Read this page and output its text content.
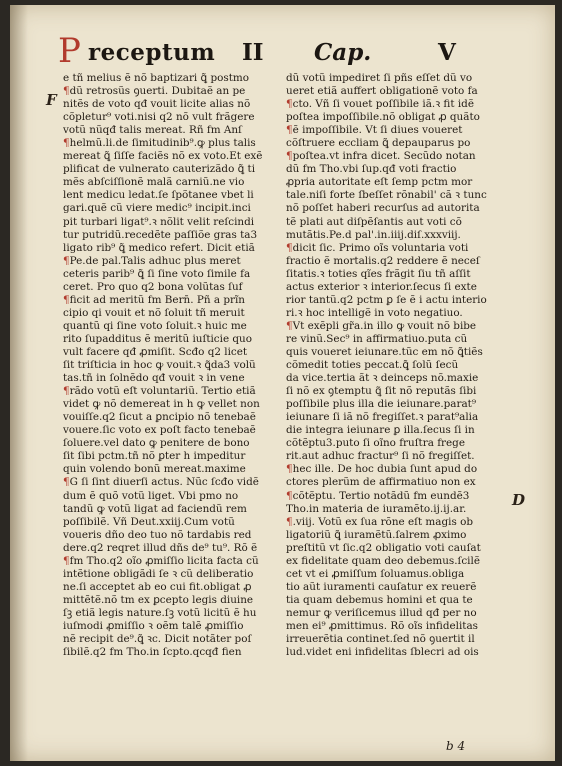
P receptum II Cap.	V
F
D
e tñ melius ẽ nõ baptizari ꝗ̃ postmo
¶dũ retrosũs ꝯuerti. Dubitaẽ an pe
nitẽs de voto qđ vouit licite alias nõ
cõpletur⁹ voti.nisi q2 nõ vult frãgere
votũ nũqđ talis mereat. Rñ fm Anſ
¶helmũ.li.de ſimitudinib⁹.ꝙ plus talis
mereat ꝗ̃ ſiſſe faciẽs nõ ex voto.Et exẽ
plificat de vulnerato cauterizãdo ꝗ̃ ti
mẽs abſciſſionẽ malã carniũ.ne vio
lent medicu ledat.ſe ſpõtanee vbet li
gari.quẽ cũ viere medic⁹ incipit.inci
pit turbari ligat⁹.ꝛ nõlit velit reſcindi
tur putridũ.recedẽte paſſiõe gras ta3
ligato rib⁹ ꝗ̃ medico refert. Dicit etiã
¶Pe.de pal.Talis adhuc plus meret
ceteris parib⁹ ꝗ̃ ſi ſine voto ſimile fa
ceret. Pro quo q2 bona volũtas ſuf
¶ficit ad meritũ fm Bern̄. Pñ a prĩn
cipio qi vouit et nõ ſoluit tñ meruit
quantũ qi ſine voto ſoluit.ꝛ huic me
rito ſupadditus ẽ meritũ iuſticie quo
vult facere qđ ꝓmiſit. Scđo q2 licet
ſit triſticia in hoc ꝙ vouit.ꝛ ꝗ̃da3 volũ
tas.tñ in ſolnẽdo qđ vouit ꝛ in vene
¶rãdo votũ eſt voluntariũ. Tertio etiã
videt ꝙ nõ demereat in h ꝙ vellet non
vouiſſe.q2 ſicut a ꝑncipio nõ tenebaẽ
vouere.ſic voto ex poſt facto tenebaẽ
ſoluere.vel dato ꝙ penitere de bono
ſit ſibi pctm.tñ nõ ꝑter h impeditur
quin volendo bonũ mereat.maxime
¶G ſi ſint diuerſi actus. Nũc ſcđo vidẽ
dum ẽ quõ votũ liget. Vbi pmo no
tandũ ꝙ votũ ligat ad faciendũ rem
poſſibilẽ. Vñ Deut.xxiij.Cum votũ
voueris dño deo tuo nõ tardabis red
dere.q2 reqret illud dñs de⁹ tu⁹. Rõ ẽ
¶fm Tho.q2 oĩo ꝓmiſſio licita facta cũ
intẽtione obligãdi ſe ꝛ cũ deliberatio
ne.ſi acceptet ab eo cui fit.obligat ꝓ
mittẽtẽ.nõ tm ex ꝑcepto legis diuine
ſꝫ etiã legis nature.ſꝫ votũ licitũ ẽ hu
iuſmodi ꝓmiſſio ꝛ oẽm talẽ ꝓmiſſio
nẽ recipit de⁹.ꝗ̃ ꝛc. Dicit notãter poſ
ſibilẽ.q2 fm Tho.in ſcpto.qcqđ fien
dũ votũ impediret ſi pñs eſſet dũ vo
ueret etiã auffert obligationẽ voto fa
¶cto. Vñ ſi vouet poſſibile iã.ꝛ fit idẽ
poſtea impoſſibile.nõ obligat ꝓ quãto
¶ẽ impoſſibile. Vt ſi diues voueret
cõſtruere eccliam ꝗ̃ depauparus po
¶poſtea.vt infra dicet. Secũdo notan
dũ fm Tho.vbi ſup.qđ voti fractio
ꝓpria autoritate eſt ſemp pctm mor
tale.niſi forte ſbeſſet rõnabil' cã ꝛ tunc
nõ poſſet haberi recurſus ad autorita
tẽ plati aut diſpẽſantis aut voti cõ
mutãtis.Pe.d pal'.in.iiij.diſ.xxxviij.
¶dicit ſic. Primo oĩs voluntaria voti
fractio ẽ mortalis.q2 reddere ẽ neceſ
ſitatis.ꝛ toties qĩes frãgit ſiu tñ aſſit
actus exterior ꝛ interior.ſecus ſi exte
rior tantũ.q2 pctm ꝑ ſe ẽ i actu interio
ri.ꝛ hoc intelligẽ in voto negatiuo.
¶Vt exẽpli gr̃a.in illo ꝙ vouit nõ bibe
re vinũ.Sec⁹ in affirmatiuo.puta cũ
quis voueret ieiunare.tũc em nõ ꝗ̃tiẽs
cõmedit toties peccat.ꝗ̃ ſolũ ſecũ
da vice.tertia ãt ꝛ deinceps nõ.maxie
ſi nõ ex ꝯtemptu ꝗ̃ ſit nõ reputãs ſibi
poſſibile plus illa die ieiunare.parat⁹
ieiunare ſi iã nõ fregiſſet.ꝛ parat⁹alia
die integra ieiunare ꝑ illa.ſecus ſi in
cõtẽptu3.puto ſi oĩno fruſtra frege
rit.aut adhuc fractur⁹ ſi nõ fregiſſet.
¶hec ille. De hoc dubia ſunt apud do
ctores plerũm de affirmatiuo non ex
¶cõtẽptu. Tertio notãdũ fm eundẽ3
Tho.in materia de iuramẽto.ij.ij.ar.
¶.viij. Votũ ex ſua rõne eſt magis ob
ligatoriũ ꝗ̃ iuramẽtũ.ſalrem ꝓximo
preſtitũ vt ſic.q2 obligatio voti cauſat
ex fidelitate quam deo debemus.ſcilẽ
cet vt ei ꝓmiſſum ſoluamus.obliga
tio aũt iuramenti cauſatur ex reuerẽ
tia quam debemus homini et qua te
nemur ꝙ veriſicemus illud qđ per no
men ei⁹ ꝓmittimus. Rõ oĩs infidelitas
irreuerẽtia continet.ſed nõ ꝯuertit il
lud.videt eni infidelitas ſblecri ad ois
b 4
